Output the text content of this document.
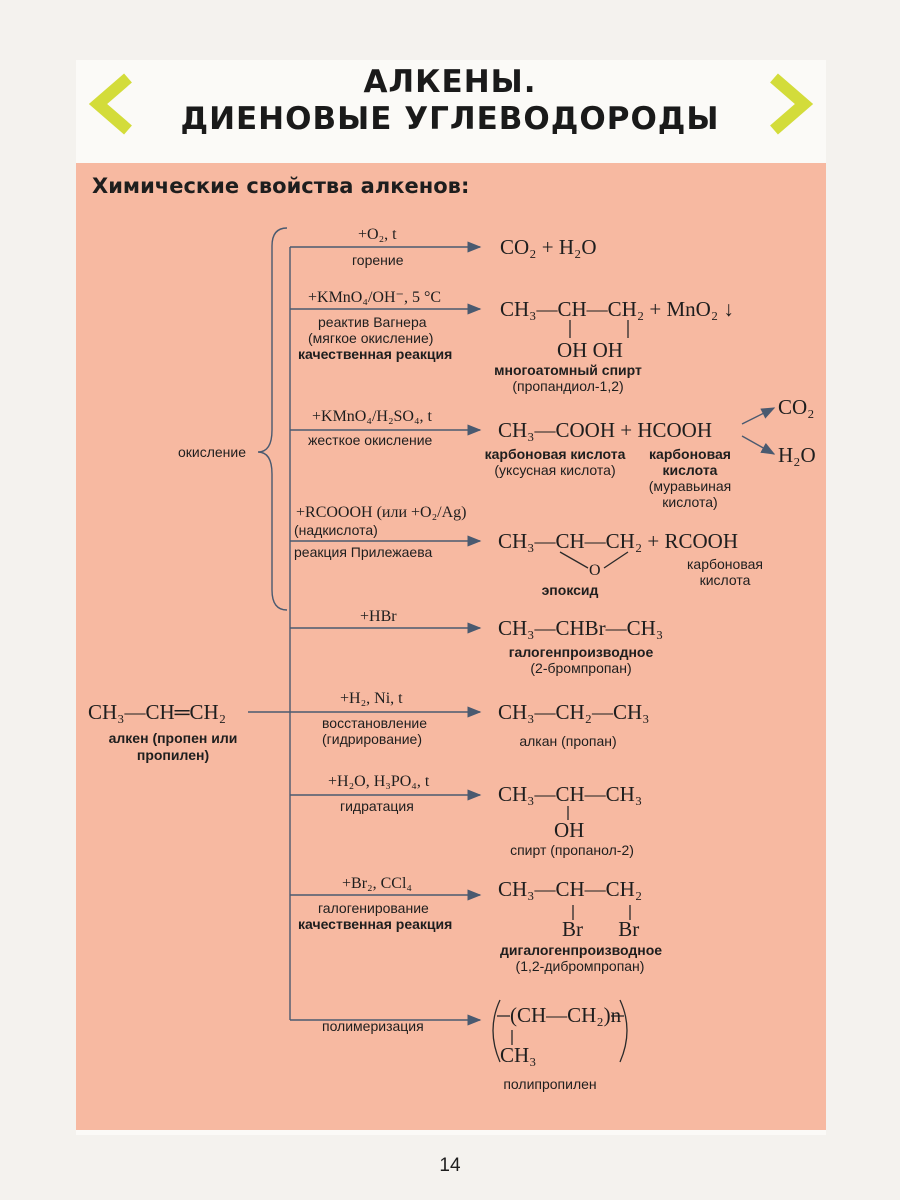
АЛКЕНЫ.
ДИЕНОВЫЕ УГЛЕВОДОРОДЫ
Химические свойства алкенов:
окисление
CH₃—CH═CH₂
алкен (пропен или пропилен)
+O₂, t
горение
CO₂ + H₂O
+KMnO₄/OH⁻, 5 °C
реактив Вагнера
(мягкое окисление)
качественная реакция
CH₃—CH—CH₂ + MnO₂ ↓
OH OH
многоатомный спирт
(пропандиол-1,2)
+KMnO₄/H₂SO₄, t
жесткое окисление	CH₃—COOH + HCOOH
CO₂
H₂O
карбоновая кислота
(уксусная кислота)
карбоновая
кислота
(муравьиная
кислота)
+RCOOOH (или +O₂/Ag)
(надкислота)
реакция Прилежаева	CH₃—CH—CH₂ + RCOOH
O
эпоксид
карбоновая
кислота
+HBr	CH₃—CHBr—CH₃
галогенпроизводное
(2-бромпропан)
+H₂, Ni, t
восстановление
(гидрирование)
CH₃—CH₂—CH₃
алкан (пропан)
+H₂O, H₃PO₄, t
гидратация	CH₃—CH—CH₃
OH
спирт (пропанол-2)
+Br₂, CCl₄
галогенирование
качественная реакция
CH₃—CH—CH₂
Br Br
дигалогенпроизводное
(1,2-дибромпропан)
полимеризация	(CH—CH₂)n
CH₃
полипропилен
14
